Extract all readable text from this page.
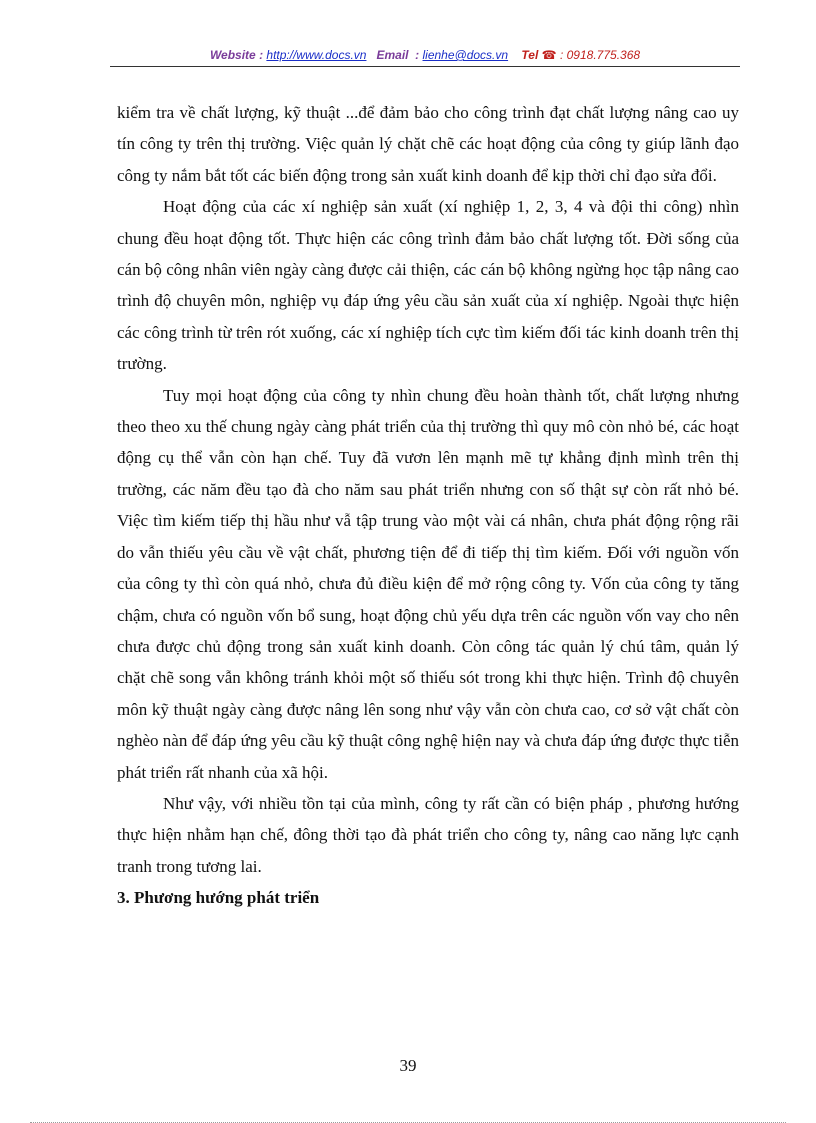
Website : http://www.docs.vn Email : lienhe@docs.vn Tel ☎ : 0918.775.368

kiểm tra về chất lượng, kỹ thuật ...để đảm bảo cho công trình đạt chất lượng nâng cao uy tín công ty trên thị trường. Việc quản lý chặt chẽ các hoạt động của công ty giúp lãnh đạo công ty nắm bắt tốt các biến động trong sản xuất kinh doanh để kịp thời chỉ đạo sửa đổi.

Hoạt động của các xí nghiệp sản xuất (xí nghiệp 1, 2, 3, 4 và đội thi công) nhìn chung đều hoạt động tốt. Thực hiện các công trình đảm bảo chất lượng tốt. Đời sống của cán bộ công nhân viên ngày càng được cải thiện, các cán bộ không ngừng học tập nâng cao trình độ chuyên môn, nghiệp vụ đáp ứng yêu cầu sản xuất của xí nghiệp. Ngoài thực hiện các công trình từ trên rót xuống, các xí nghiệp tích cực tìm kiếm đối tác kinh doanh trên thị trường.

Tuy mọi hoạt động của công ty nhìn chung đều hoàn thành tốt, chất lượng nhưng theo theo xu thế chung ngày càng phát triển của thị trường thì quy mô còn nhỏ bé, các hoạt động cụ thể vẫn còn hạn chế. Tuy đã vươn lên mạnh mẽ tự khẳng định mình trên thị trường, các năm đều tạo đà cho năm sau phát triển nhưng con số thật sự còn rất nhỏ bé. Việc tìm kiếm tiếp thị hầu như vẫ tập trung vào một vài cá nhân, chưa phát động rộng rãi do vẫn thiếu yêu cầu về vật chất, phương tiện để đi tiếp thị tìm kiếm. Đối với nguồn vốn của công ty thì còn quá nhỏ, chưa đủ điều kiện để mở rộng công ty. Vốn của công ty tăng chậm, chưa có nguồn vốn bổ sung, hoạt động chủ yếu dựa trên các nguồn vốn vay cho nên chưa được chủ động trong sản xuất kinh doanh. Còn công tác quản lý chú tâm, quản lý chặt chẽ song vẫn không tránh khỏi một số thiếu sót trong khi thực hiện. Trình độ chuyên môn kỹ thuật ngày càng được nâng lên song như vậy vẫn còn chưa cao, cơ sở vật chất còn nghèo nàn để đáp ứng yêu cầu kỹ thuật công nghệ hiện nay và chưa đáp ứng được thực tiễn phát triển rất nhanh của xã hội.

Như vậy, với nhiều tồn tại của mình, công ty rất cần có biện pháp , phương hướng thực hiện nhằm hạn chế, đông thời tạo đà phát triển cho công ty, nâng cao năng lực cạnh tranh trong tương lai.

3. Phương hướng phát triển

39
